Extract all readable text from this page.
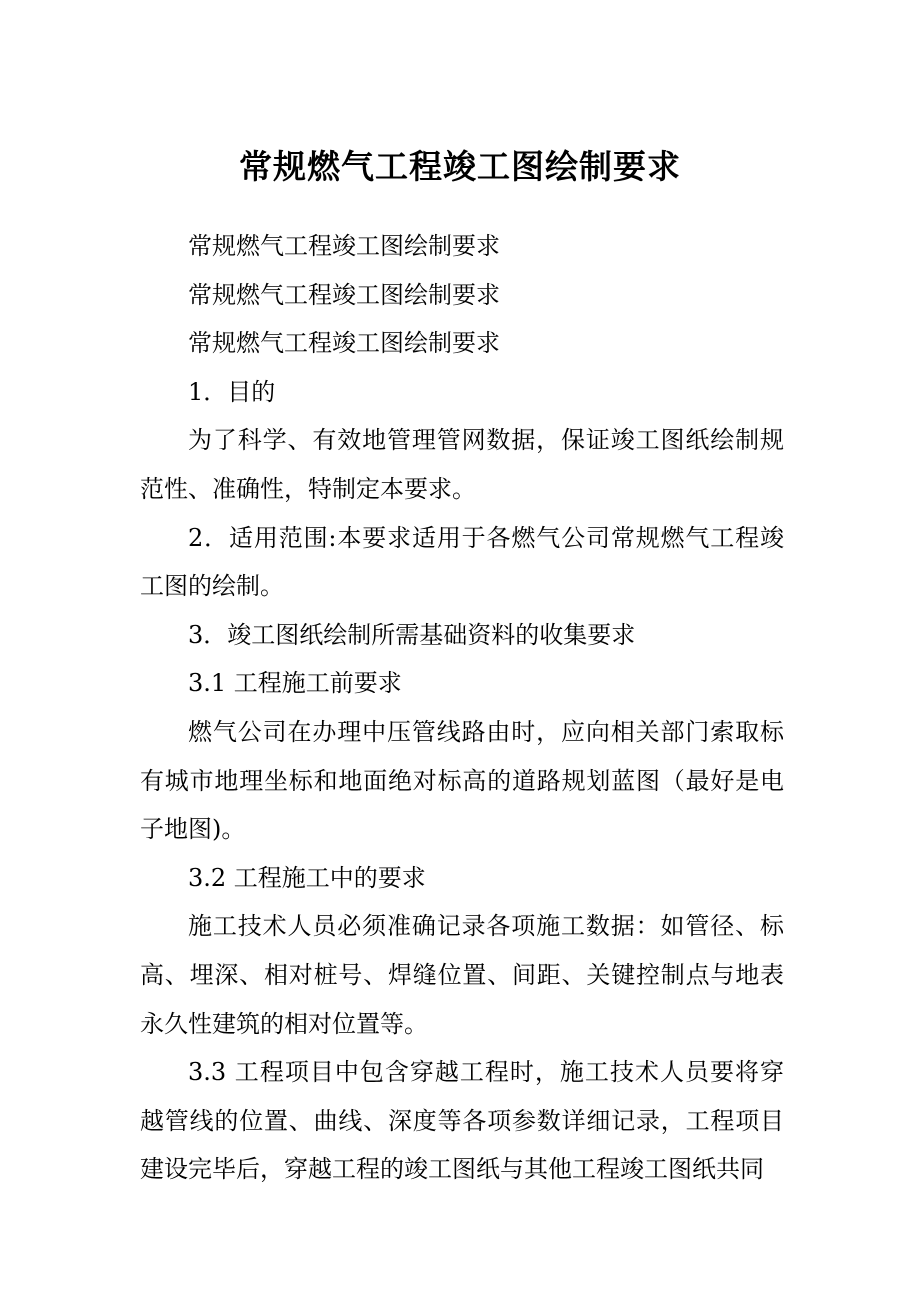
常规燃气工程竣工图绘制要求

常规燃气工程竣工图绘制要求

常规燃气工程竣工图绘制要求

常规燃气工程竣工图绘制要求

1．目的

为了科学、有效地管理管网数据，保证竣工图纸绘制规范性、准确性，特制定本要求。

2．适用范围:本要求适用于各燃气公司常规燃气工程竣工图的绘制。

3．竣工图纸绘制所需基础资料的收集要求

3.1 工程施工前要求

燃气公司在办理中压管线路由时，应向相关部门索取标有城市地理坐标和地面绝对标高的道路规划蓝图（最好是电子地图)。

3.2 工程施工中的要求

施工技术人员必须准确记录各项施工数据：如管径、标高、埋深、相对桩号、焊缝位置、间距、关键控制点与地表永久性建筑的相对位置等。

3.3 工程项目中包含穿越工程时，施工技术人员要将穿越管线的位置、曲线、深度等各项参数详细记录，工程项目建设完毕后，穿越工程的竣工图纸与其他工程竣工图纸共同
